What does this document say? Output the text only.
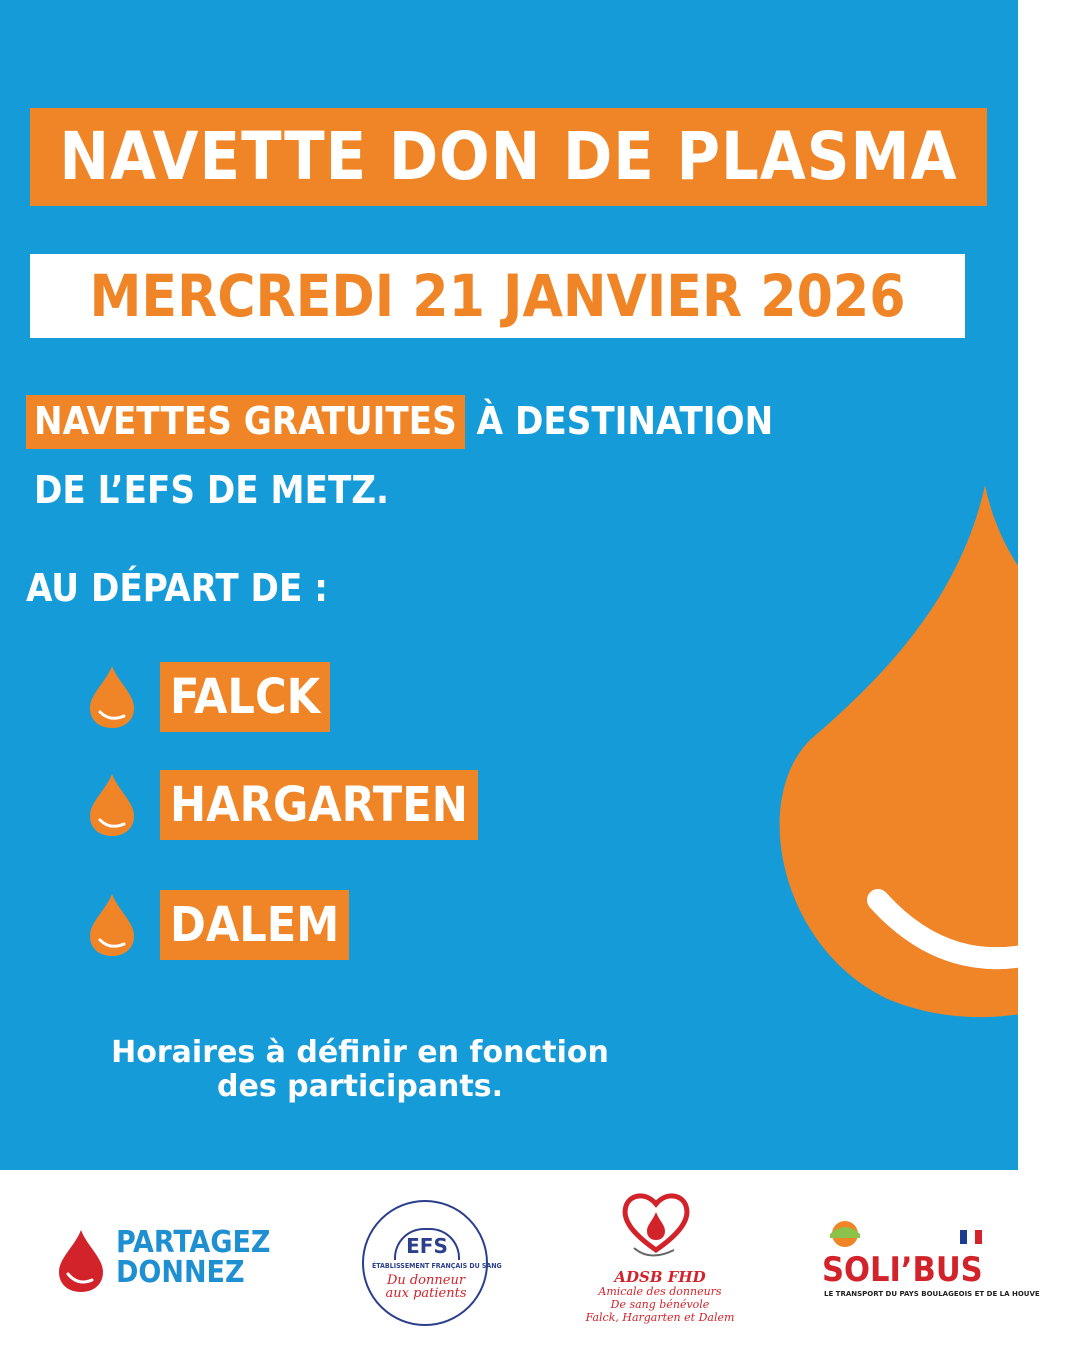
NAVETTE DON DE PLASMA
MERCREDI 21 JANVIER 2026
NAVETTES GRATUITES À DESTINATION
DE L’EFS DE METZ.
AU DÉPART DE :
FALCK
HARGARTEN
DALEM
Horaires à définir en fonction
des participants.
PARTAGEZ
DONNEZ
EFS
ÉTABLISSEMENT FRANÇAIS DU SANG
Du donneur
aux patients
ADSB FHD
Amicale des donneurs
De sang bénévole
Falck, Hargarten et Dalem
SOLI’BUS
LE TRANSPORT DU PAYS BOULAGEOIS ET DE LA HOUVE
